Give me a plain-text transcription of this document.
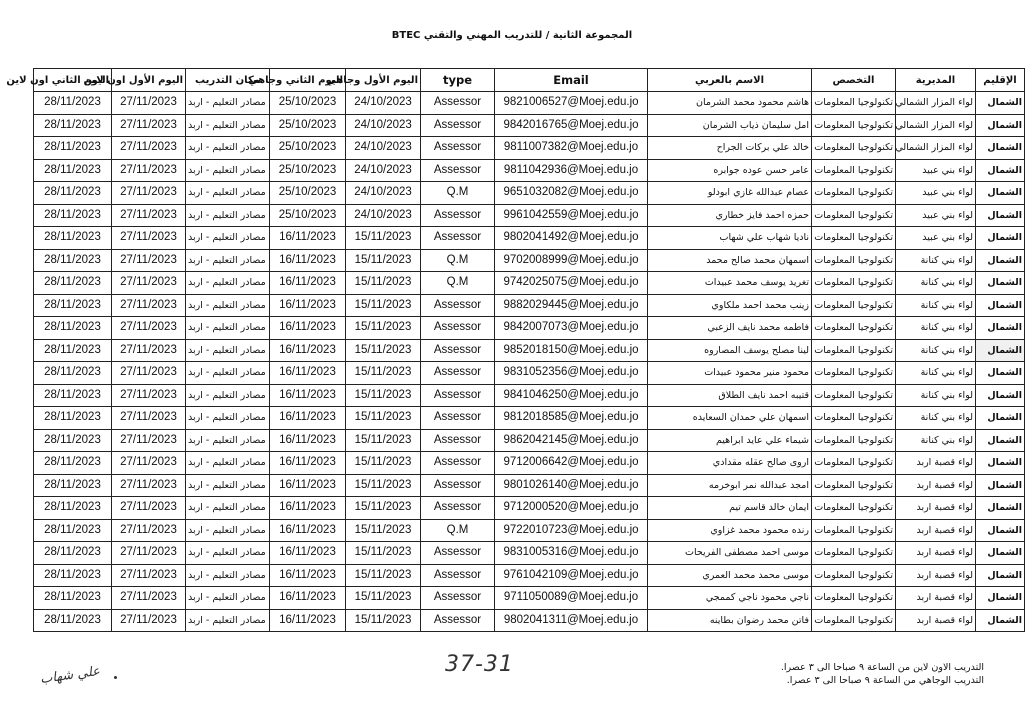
المجموعة الثانية / للتدريب المهني والتقني BTEC
الإقليم	المديرية	التخصص	الاسم بالعربي	Email	type	اليوم الأول وجاهي	اليوم الثاني وجاهي	مكان التدريب	اليوم الأول اون لاين	اليوم الثاني اون لاين
الشمال	لواء المزار الشمالي	تكنولوجيا المعلومات	هاشم محمود محمد الشرمان	9821006527@Moej.edu.jo	Assessor	24/10/2023	25/10/2023	مصادر التعليم - اربد	27/11/2023	28/11/2023
الشمال	لواء المزار الشمالي	تكنولوجيا المعلومات	امل سليمان ذياب الشرمان	9842016765@Moej.edu.jo	Assessor	24/10/2023	25/10/2023	مصادر التعليم - اربد	27/11/2023	28/11/2023
الشمال	لواء المزار الشمالي	تكنولوجيا المعلومات	خالد علي بركات الجراح	9811007382@Moej.edu.jo	Assessor	24/10/2023	25/10/2023	مصادر التعليم - اربد	27/11/2023	28/11/2023
الشمال	لواء بني عبيد	تكنولوجيا المعلومات	عامر حسن عوده جوابره	9811042936@Moej.edu.jo	Assessor	24/10/2023	25/10/2023	مصادر التعليم - اربد	27/11/2023	28/11/2023
الشمال	لواء بني عبيد	تكنولوجيا المعلومات	عصام عبدالله غازي ابودلو	9651032082@Moej.edu.jo	Q.M	24/10/2023	25/10/2023	مصادر التعليم - اربد	27/11/2023	28/11/2023
الشمال	لواء بني عبيد	تكنولوجيا المعلومات	حمزه احمد فايز خطاري	9961042559@Moej.edu.jo	Assessor	24/10/2023	25/10/2023	مصادر التعليم - اربد	27/11/2023	28/11/2023
الشمال	لواء بني عبيد	تكنولوجيا المعلومات	ناديا شهاب علي شهاب	9802041492@Moej.edu.jo	Assessor	15/11/2023	16/11/2023	مصادر التعليم - اربد	27/11/2023	28/11/2023
الشمال	لواء بني كنانة	تكنولوجيا المعلومات	اسمهان محمد صالح محمد	9702008999@Moej.edu.jo	Q.M	15/11/2023	16/11/2023	مصادر التعليم - اربد	27/11/2023	28/11/2023
الشمال	لواء بني كنانة	تكنولوجيا المعلومات	تغريد يوسف محمد عبيدات	9742025075@Moej.edu.jo	Q.M	15/11/2023	16/11/2023	مصادر التعليم - اربد	27/11/2023	28/11/2023
الشمال	لواء بني كنانة	تكنولوجيا المعلومات	زينب محمد احمد ملكاوي	9882029445@Moej.edu.jo	Assessor	15/11/2023	16/11/2023	مصادر التعليم - اربد	27/11/2023	28/11/2023
الشمال	لواء بني كنانة	تكنولوجيا المعلومات	فاطمه محمد نايف الزعبي	9842007073@Moej.edu.jo	Assessor	15/11/2023	16/11/2023	مصادر التعليم - اربد	27/11/2023	28/11/2023
الشمال	لواء بني كنانة	تكنولوجيا المعلومات	لينا مصلح يوسف المصاروه	9852018150@Moej.edu.jo	Assessor	15/11/2023	16/11/2023	مصادر التعليم - اربد	27/11/2023	28/11/2023
الشمال	لواء بني كنانة	تكنولوجيا المعلومات	محمود منير محمود عبيدات	9831052356@Moej.edu.jo	Assessor	15/11/2023	16/11/2023	مصادر التعليم - اربد	27/11/2023	28/11/2023
الشمال	لواء بني كنانة	تكنولوجيا المعلومات	قتيبه احمد نايف الطلاق	9841046250@Moej.edu.jo	Assessor	15/11/2023	16/11/2023	مصادر التعليم - اربد	27/11/2023	28/11/2023
الشمال	لواء بني كنانة	تكنولوجيا المعلومات	اسمهان علي حمدان السعايده	9812018585@Moej.edu.jo	Assessor	15/11/2023	16/11/2023	مصادر التعليم - اربد	27/11/2023	28/11/2023
الشمال	لواء بني كنانة	تكنولوجيا المعلومات	شيماء علي عايد ابراهيم	9862042145@Moej.edu.jo	Assessor	15/11/2023	16/11/2023	مصادر التعليم - اربد	27/11/2023	28/11/2023
الشمال	لواء قصبة اربد	تكنولوجيا المعلومات	اروى صالح عقله مقدادي	9712006642@Moej.edu.jo	Assessor	15/11/2023	16/11/2023	مصادر التعليم - اربد	27/11/2023	28/11/2023
الشمال	لواء قصبة اربد	تكنولوجيا المعلومات	امجد عبدالله نمر ابوخرمه	9801026140@Moej.edu.jo	Assessor	15/11/2023	16/11/2023	مصادر التعليم - اربد	27/11/2023	28/11/2023
الشمال	لواء قصبة اربد	تكنولوجيا المعلومات	ايمان خالد قاسم تيم	9712000520@Moej.edu.jo	Assessor	15/11/2023	16/11/2023	مصادر التعليم - اربد	27/11/2023	28/11/2023
الشمال	لواء قصبة اربد	تكنولوجيا المعلومات	رنده محمود محمد غزاوي	9722010723@Moej.edu.jo	Q.M	15/11/2023	16/11/2023	مصادر التعليم - اربد	27/11/2023	28/11/2023
الشمال	لواء قصبة اربد	تكنولوجيا المعلومات	موسى احمد مصطفى الفريحات	9831005316@Moej.edu.jo	Assessor	15/11/2023	16/11/2023	مصادر التعليم - اربد	27/11/2023	28/11/2023
الشمال	لواء قصبة اربد	تكنولوجيا المعلومات	موسى محمد محمد العمري	9761042109@Moej.edu.jo	Assessor	15/11/2023	16/11/2023	مصادر التعليم - اربد	27/11/2023	28/11/2023
الشمال	لواء قصبة اربد	تكنولوجيا المعلومات	ناجي محمود ناجي كممجي	9711050089@Moej.edu.jo	Assessor	15/11/2023	16/11/2023	مصادر التعليم - اربد	27/11/2023	28/11/2023
الشمال	لواء قصبة اربد	تكنولوجيا المعلومات	فاتن محمد رضوان بطاينه	9802041311@Moej.edu.jo	Assessor	15/11/2023	16/11/2023	مصادر التعليم - اربد	27/11/2023	28/11/2023
التدريب الاون لاين من الساعة ٩ صباحا الى ٣ عصرا.
التدريب الوجاهي من الساعة ٩ صباحا الى ٣ عصرا.
37-31
علي شهاب
